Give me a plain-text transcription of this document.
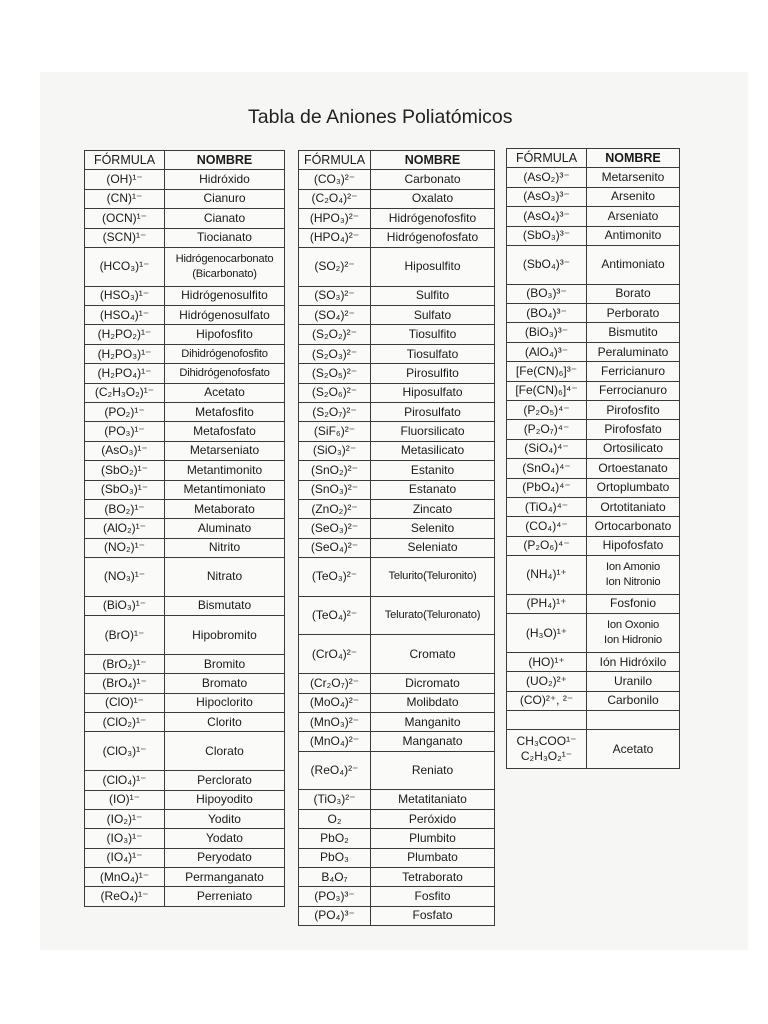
Tabla de Aniones Poliatómicos
FÓRMULA	NOMBRE
(OH)¹⁻	Hidróxido
(CN)¹⁻	Cianuro
(OCN)¹⁻	Cianato
(SCN)¹⁻	Tiocianato
(HCO₃)¹⁻	Hidrógenocarbonato
(Bicarbonato)
(HSO₃)¹⁻	Hidrógenosulfito
(HSO₄)¹⁻	Hidrógenosulfato
(H₂PO₂)¹⁻	Hipofosfito
(H₂PO₃)¹⁻	Dihidrógenofosfito
(H₂PO₄)¹⁻	Dihidrógenofosfato
(C₂H₃O₂)¹⁻	Acetato
(PO₂)¹⁻	Metafosfito
(PO₃)¹⁻	Metafosfato
(AsO₃)¹⁻	Metarseniato
(SbO₂)¹⁻	Metantimonito
(SbO₃)¹⁻	Metantimoniato
(BO₂)¹⁻	Metaborato
(AlO₂)¹⁻	Aluminato
(NO₂)¹⁻	Nitrito
(NO₃)¹⁻	Nitrato
(BiO₃)¹⁻	Bismutato
(BrO)¹⁻	Hipobromito
(BrO₂)¹⁻	Bromito
(BrO₄)¹⁻	Bromato
(ClO)¹⁻	Hipoclorito
(ClO₂)¹⁻	Clorito
(ClO₃)¹⁻	Clorato
(ClO₄)¹⁻	Perclorato
(IO)¹⁻	Hipoyodito
(IO₂)¹⁻	Yodito
(IO₃)¹⁻	Yodato
(IO₄)¹⁻	Peryodato
(MnO₄)¹⁻	Permanganato
(ReO₄)¹⁻	Perreniato
FÓRMULA	NOMBRE
(CO₃)²⁻	Carbonato
(C₂O₄)²⁻	Oxalato
(HPO₃)²⁻	Hidrógenofosfito
(HPO₄)²⁻	Hidrógenofosfato
(SO₂)²⁻	Hiposulfito
(SO₃)²⁻	Sulfito
(SO₄)²⁻	Sulfato
(S₂O₂)²⁻	Tiosulfito
(S₂O₃)²⁻	Tiosulfato
(S₂O₅)²⁻	Pirosulfito
(S₂O₆)²⁻	Hiposulfato
(S₂O₇)²⁻	Pirosulfato
(SiF₆)²⁻	Fluorsilicato
(SiO₃)²⁻	Metasilicato
(SnO₂)²⁻	Estanito
(SnO₃)²⁻	Estanato
(ZnO₂)²⁻	Zincato
(SeO₃)²⁻	Selenito
(SeO₄)²⁻	Seleniato
(TeO₃)²⁻	Telurito(Teluronito)
(TeO₄)²⁻	Telurato(Teluronato)
(CrO₄)²⁻	Cromato
(Cr₂O₇)²⁻	Dicromato
(MoO₄)²⁻	Molibdato
(MnO₃)²⁻	Manganito
(MnO₄)²⁻	Manganato
(ReO₄)²⁻	Reniato
(TiO₃)²⁻	Metatitaniato
O₂	Peróxido
PbO₂	Plumbito
PbO₃	Plumbato
B₄O₇	Tetraborato
(PO₃)³⁻	Fosfito
(PO₄)³⁻	Fosfato
FÓRMULA	NOMBRE
(AsO₂)³⁻	Metarsenito
(AsO₃)³⁻	Arsenito
(AsO₄)³⁻	Arseniato
(SbO₃)³⁻	Antimonito
(SbO₄)³⁻	Antimoniato
(BO₃)³⁻	Borato
(BO₄)³⁻	Perborato
(BiO₃)³⁻	Bismutito
(AlO₄)³⁻	Peraluminato
[Fe(CN)₆]³⁻	Ferricianuro
[Fe(CN)₆]⁴⁻	Ferrocianuro
(P₂O₅)⁴⁻	Pirofosfito
(P₂O₇)⁴⁻	Pirofosfato
(SiO₄)⁴⁻	Ortosilicato
(SnO₄)⁴⁻	Ortoestanato
(PbO₄)⁴⁻	Ortoplumbato
(TiO₄)⁴⁻	Ortotitaniato
(CO₄)⁴⁻	Ortocarbonato
(P₂O₆)⁴⁻	Hipofosfato
(NH₄)¹⁺	Ion Amonio
Ion Nitronio
(PH₄)¹⁺	Fosfonio
(H₃O)¹⁺	Ion Oxonio
Ion Hidronio
(HO)¹⁺	Ión Hidróxilo
(UO₂)²⁺	Uranilo
(CO)²⁺, ²⁻	Carbonilo

CH₃COO¹⁻
C₂H₃O₂¹⁻	Acetato
